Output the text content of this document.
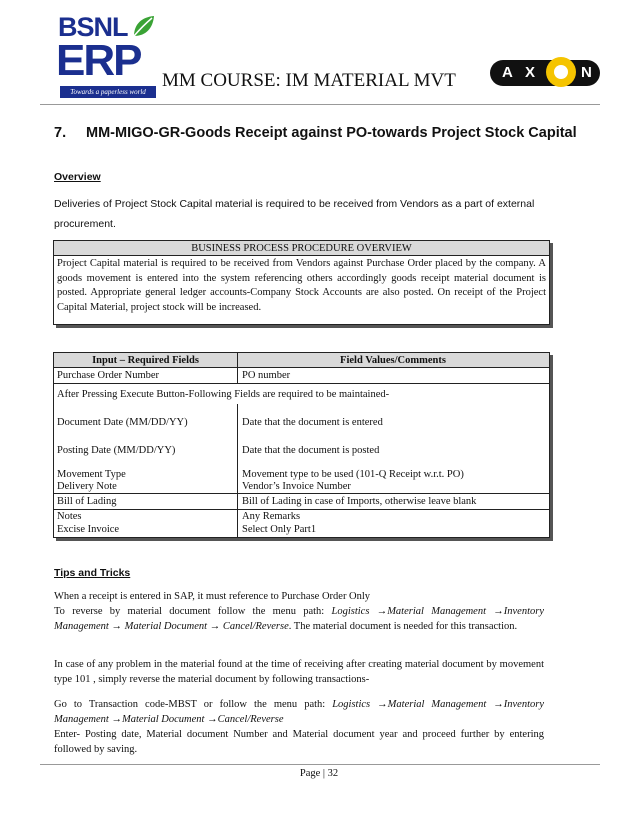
BSNL
ERP
Towards a paperless world
MM COURSE: IM MATERIAL MVT	A X	N
7. MM-MIGO-GR-Goods Receipt against PO-towards Project Stock Capital
Overview
Deliveries of Project Stock Capital material is required to be received from Vendors as a part of external procurement.
BUSINESS PROCESS PROCEDURE OVERVIEW
Project Capital material is required to be received from Vendors against Purchase Order placed by the company. A goods movement is entered into the system referencing others accordingly goods receipt material document is posted. Appropriate general ledger accounts-Company Stock Accounts are also posted. On receipt of the Project Capital Material, project stock will be increased.
Input – Required Fields	Field Values/Comments
Purchase Order Number	PO number
After Pressing Execute Button-Following Fields are required to be maintained-
Document Date (MM/DD/YY)	Date that the document is entered
Posting Date (MM/DD/YY)	Date that the document is posted
Movement Type	Movement type to be used (101-Q Receipt w.r.t. PO)
Delivery Note	Vendor’s Invoice Number
Bill of Lading	Bill of Lading in case of Imports, otherwise leave blank
Notes	Any Remarks
Excise Invoice	Select Only Part1
Tips and Tricks
When a receipt is entered in SAP, it must reference to Purchase Order Only
To reverse by material document follow the menu path: Logistics →Material Management →Inventory Management → Material Document → Cancel/Reverse. The material document is needed for this transaction.
In case of any problem in the material found at the time of receiving after creating material document by movement type 101 , simply reverse the material document by following transactions-
Go to Transaction code-MBST or follow the menu path: Logistics →Material Management →Inventory Management →Material Document →Cancel/Reverse
Enter- Posting date, Material document Number and Material document year and proceed further by entering followed by saving.
Page | 32
